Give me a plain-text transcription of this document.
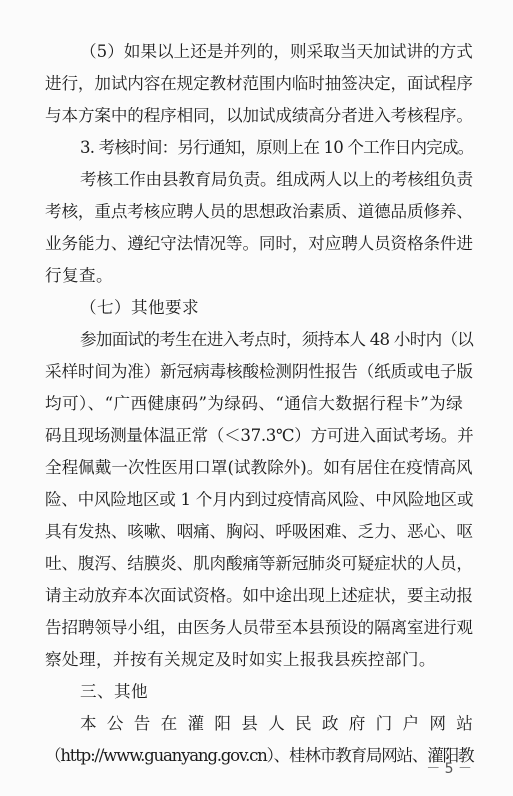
（5）如果以上还是并列的，则采取当天加试讲的方式
进行，加试内容在规定教材范围内临时抽签决定，面试程序
与本方案中的程序相同，以加试成绩高分者进入考核程序。
3. 考核时间：另行通知，原则上在 10 个工作日内完成。
考核工作由县教育局负责。组成两人以上的考核组负责
考核，重点考核应聘人员的思想政治素质、道德品质修养、
业务能力、遵纪守法情况等。同时，对应聘人员资格条件进
行复查。
（七）其他要求
参加面试的考生在进入考点时，须持本人 48 小时内（以
采样时间为准）新冠病毒核酸检测阴性报告（纸质或电子版
均可）、“广西健康码”为绿码、“通信大数据行程卡”为绿
码且现场测量体温正常（＜37.3℃）方可进入面试考场。并
全程佩戴一次性医用口罩(试教除外)。如有居住在疫情高风
险、中风险地区或 1 个月内到过疫情高风险、中风险地区或
具有发热、咳嗽、咽痛、胸闷、呼吸困难、乏力、恶心、呕
吐、腹泻、结膜炎、肌肉酸痛等新冠肺炎可疑症状的人员，
请主动放弃本次面试资格。如中途出现上述症状，要主动报
告招聘领导小组，由医务人员带至本县预设的隔离室进行观
察处理，并按有关规定及时如实上报我县疾控部门。
三、其他
本 公 告 在 灌 阳 县 人 民 政 府 门 户 网 站
（http://www.guanyang.gov.cn）、桂林市教育局网站、灌阳教
－ 5 －
